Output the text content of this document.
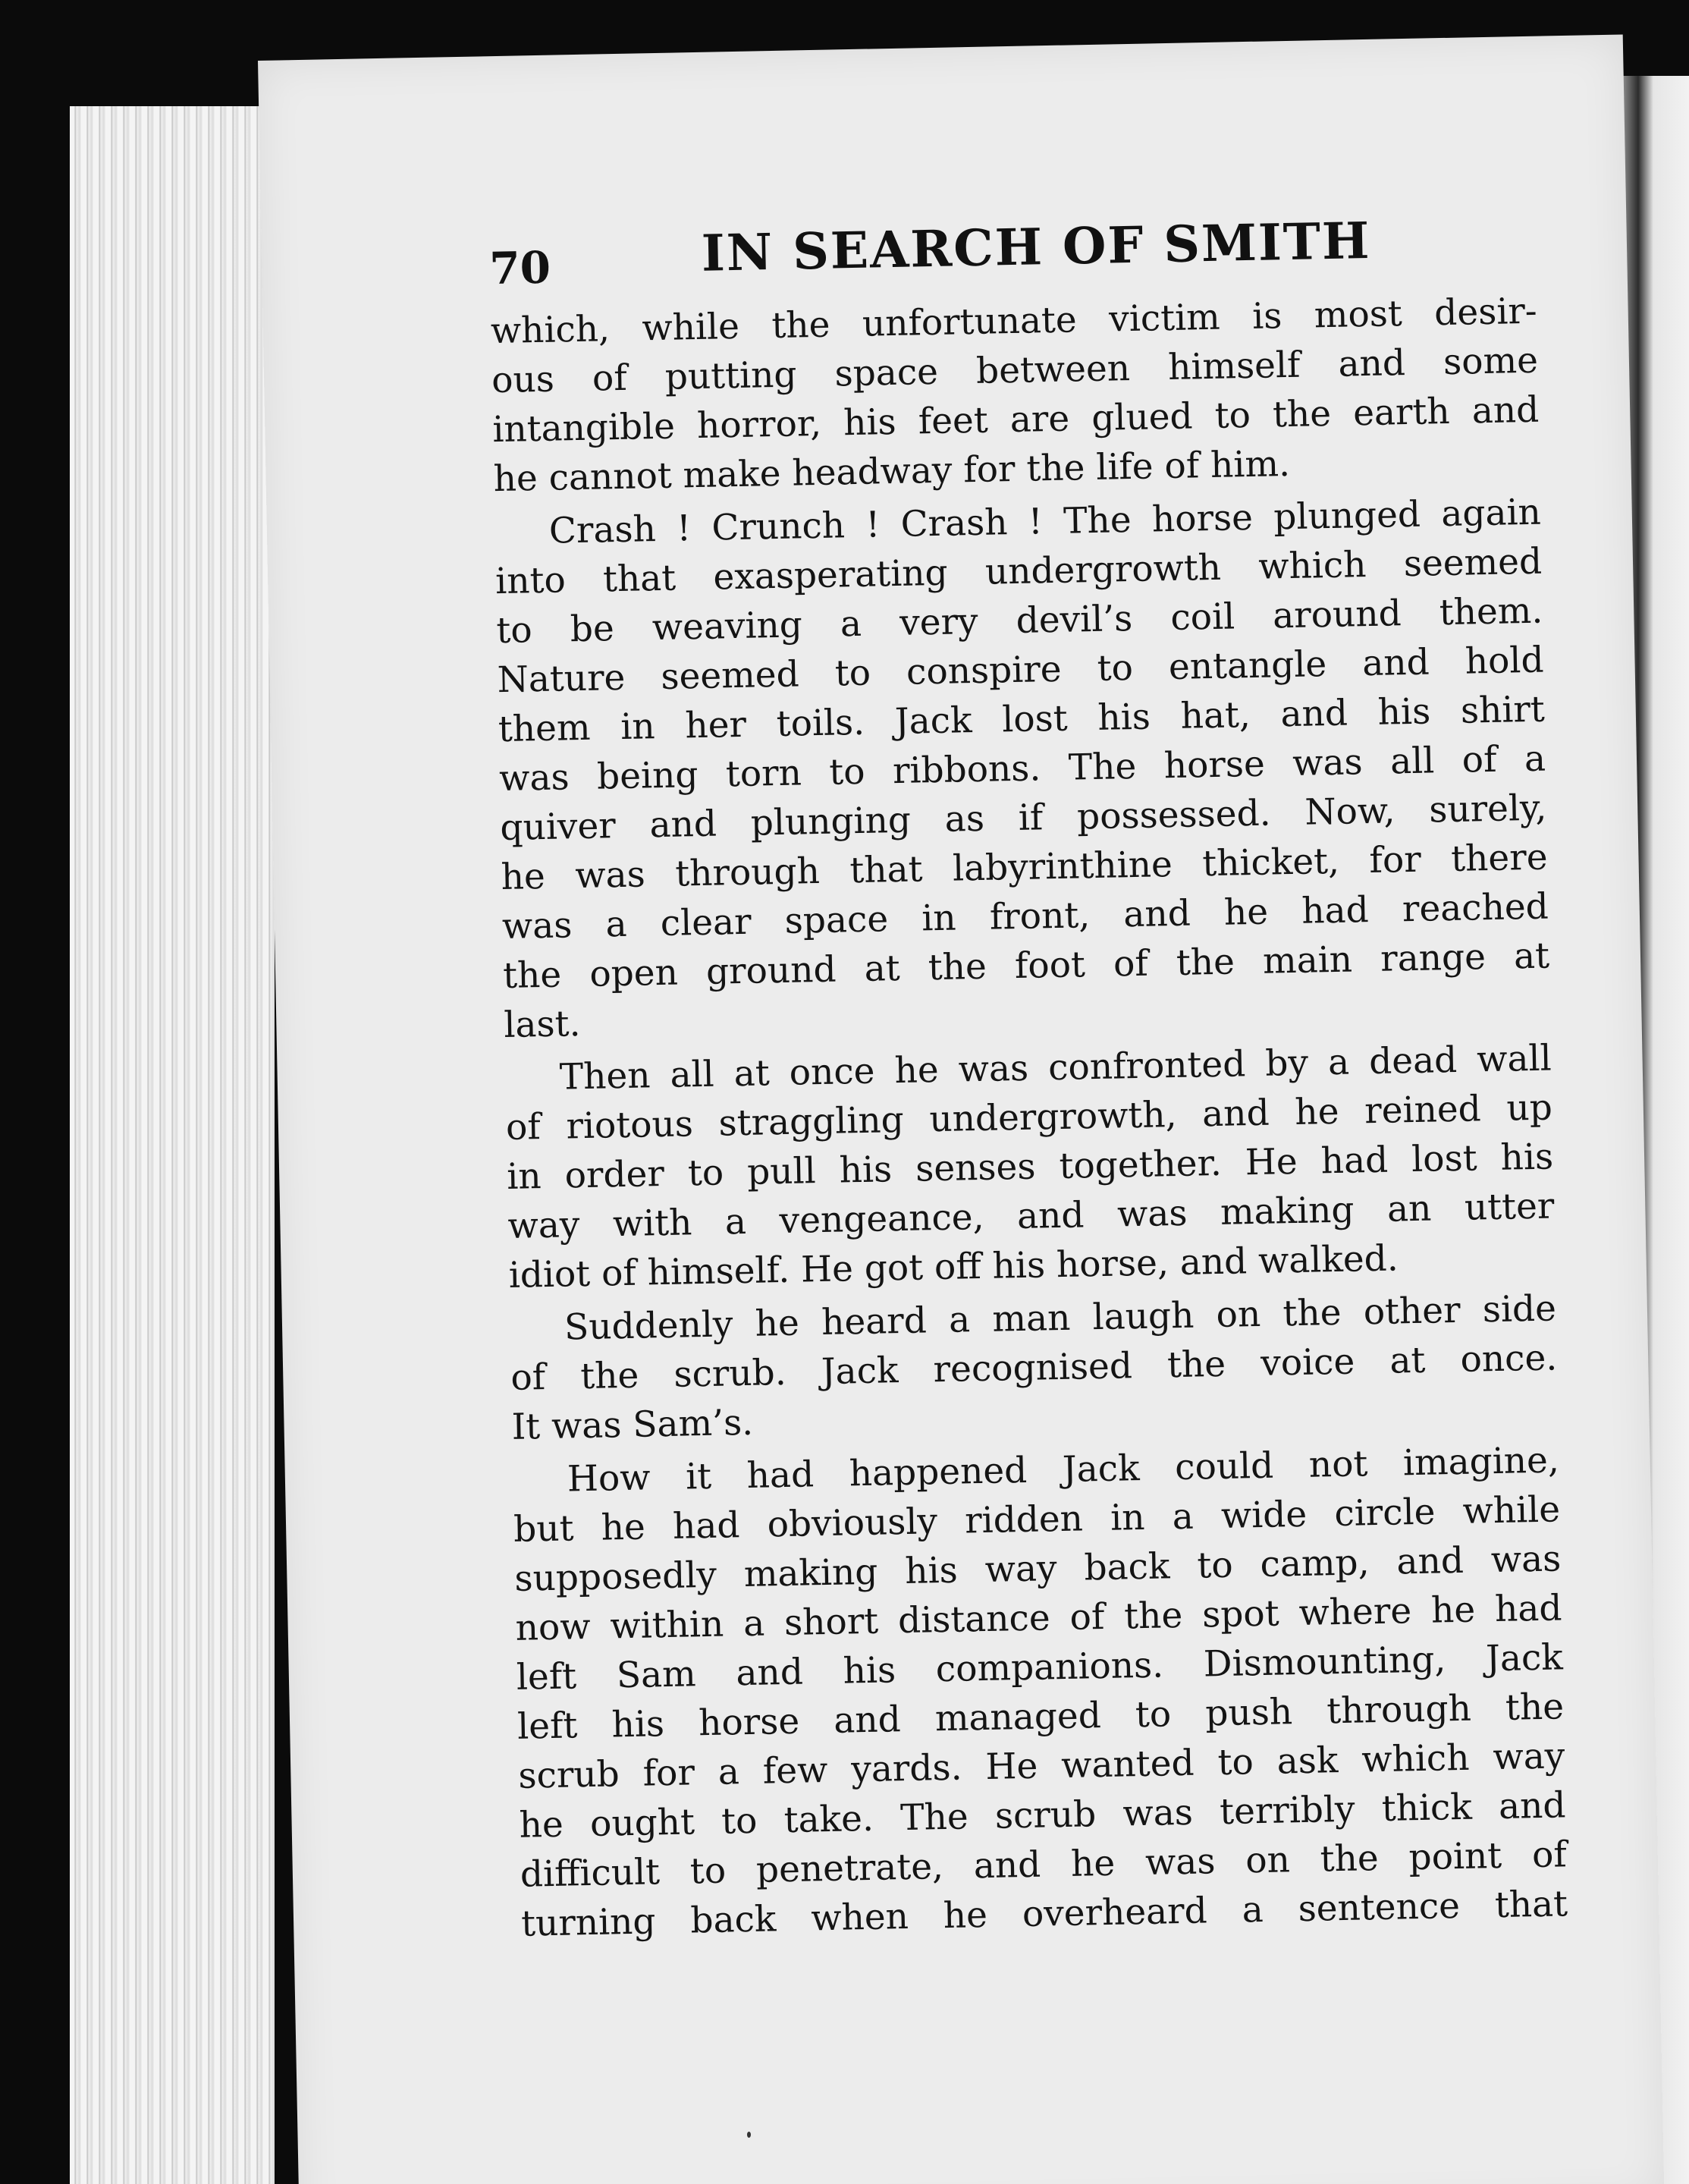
70	IN SEARCH OF SMITH
which, while the unfortunate victim is most desir-
ous of putting space between himself and some
intangible horror, his feet are glued to the earth and
he cannot make headway for the life of him.
Crash ! Crunch ! Crash ! The horse plunged again
into that exasperating undergrowth which seemed
to be weaving a very devil’s coil around them.
Nature seemed to conspire to entangle and hold
them in her toils. Jack lost his hat, and his shirt
was being torn to ribbons. The horse was all of a
quiver and plunging as if possessed. Now, surely,
he was through that labyrinthine thicket, for there
was a clear space in front, and he had reached
the open ground at the foot of the main range at
last.
Then all at once he was confronted by a dead wall
of riotous straggling undergrowth, and he reined up
in order to pull his senses together. He had lost his
way with a vengeance, and was making an utter
idiot of himself. He got off his horse, and walked.
Suddenly he heard a man laugh on the other side
of the scrub. Jack recognised the voice at once.
It was Sam’s.
How it had happened Jack could not imagine,
but he had obviously ridden in a wide circle while
supposedly making his way back to camp, and was
now within a short distance of the spot where he had
left Sam and his companions. Dismounting, Jack
left his horse and managed to push through the
scrub for a few yards. He wanted to ask which way
he ought to take. The scrub was terribly thick and
difficult to penetrate, and he was on the point of
turning back when he overheard a sentence that
